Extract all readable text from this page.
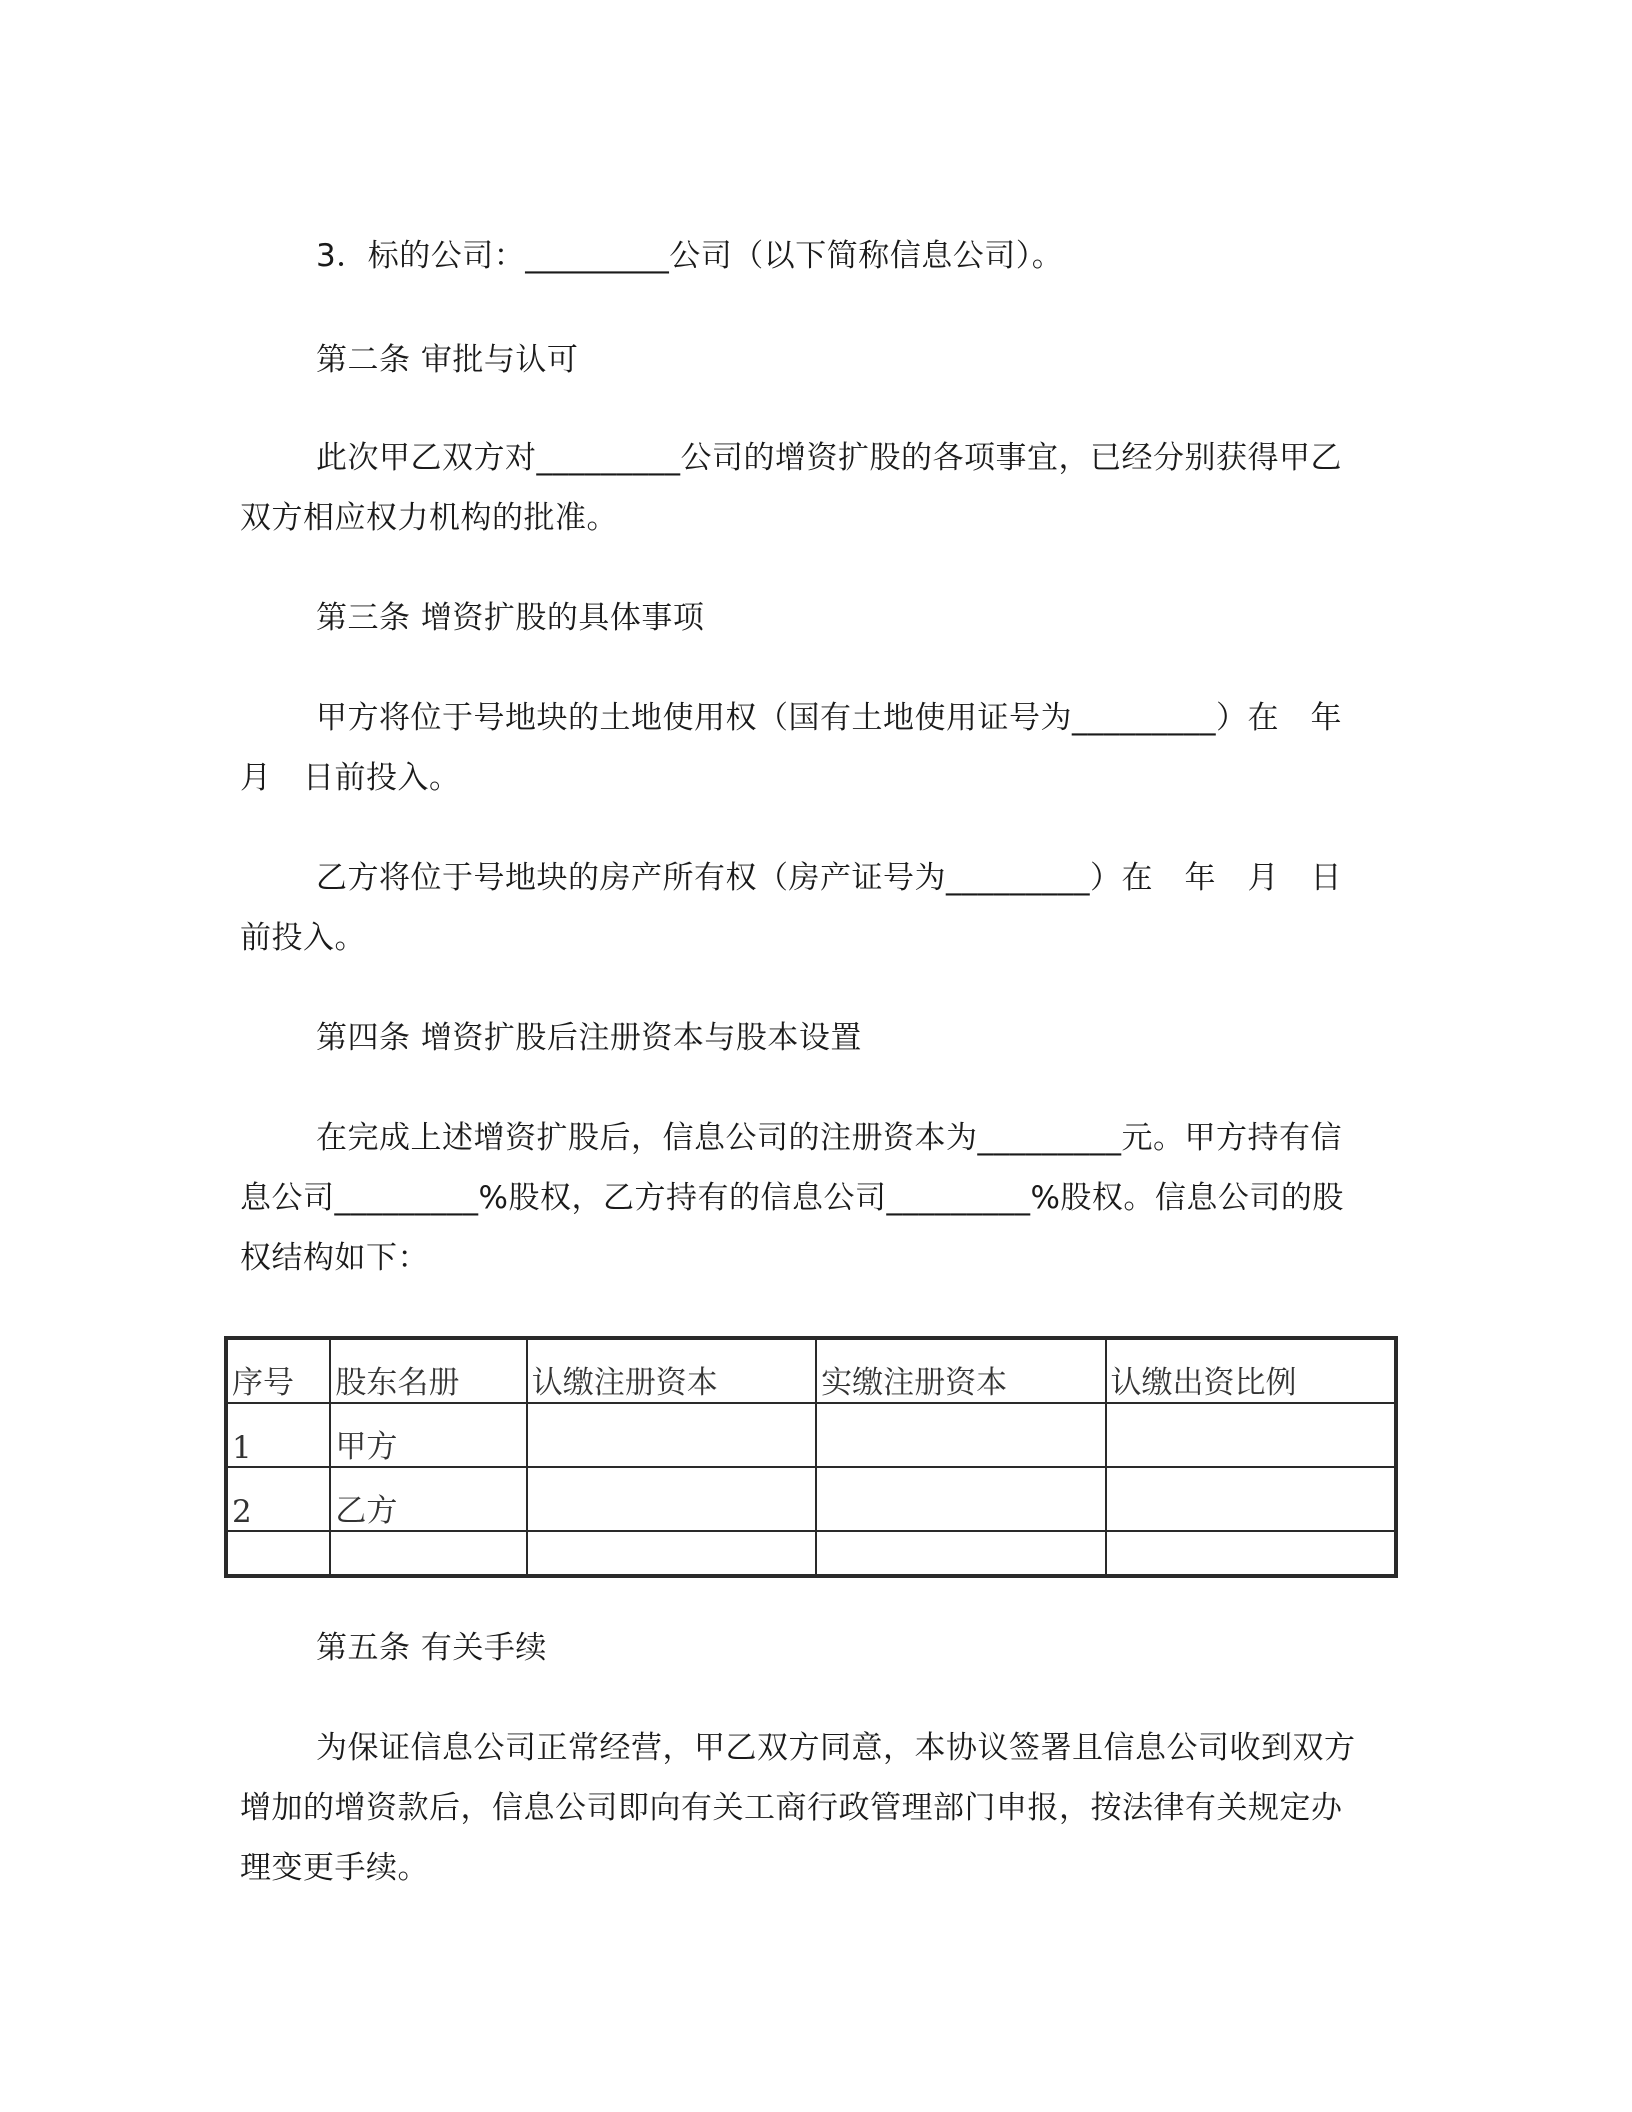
3．标的公司：_________公司（以下简称信息公司）。

第二条 审批与认可

此次甲乙双方对_________公司的增资扩股的各项事宜，已经分别获得甲乙双方相应权力机构的批准。

第三条 增资扩股的具体事项

甲方将位于号地块的土地使用权（国有土地使用证号为_________）在　年月　日前投入。

乙方将位于号地块的房产所有权（房产证号为_________）在　年　月　日前投入。

第四条 增资扩股后注册资本与股本设置

在完成上述增资扩股后，信息公司的注册资本为_________元。甲方持有信息公司_________%股权，乙方持有的信息公司_________%股权。信息公司的股权结构如下：

序号	股东名册	认缴注册资本	实缴注册资本	认缴出资比例
1	甲方			
2	乙方			

第五条 有关手续

为保证信息公司正常经营，甲乙双方同意，本协议签署且信息公司收到双方增加的增资款后，信息公司即向有关工商行政管理部门申报，按法律有关规定办理变更手续。
